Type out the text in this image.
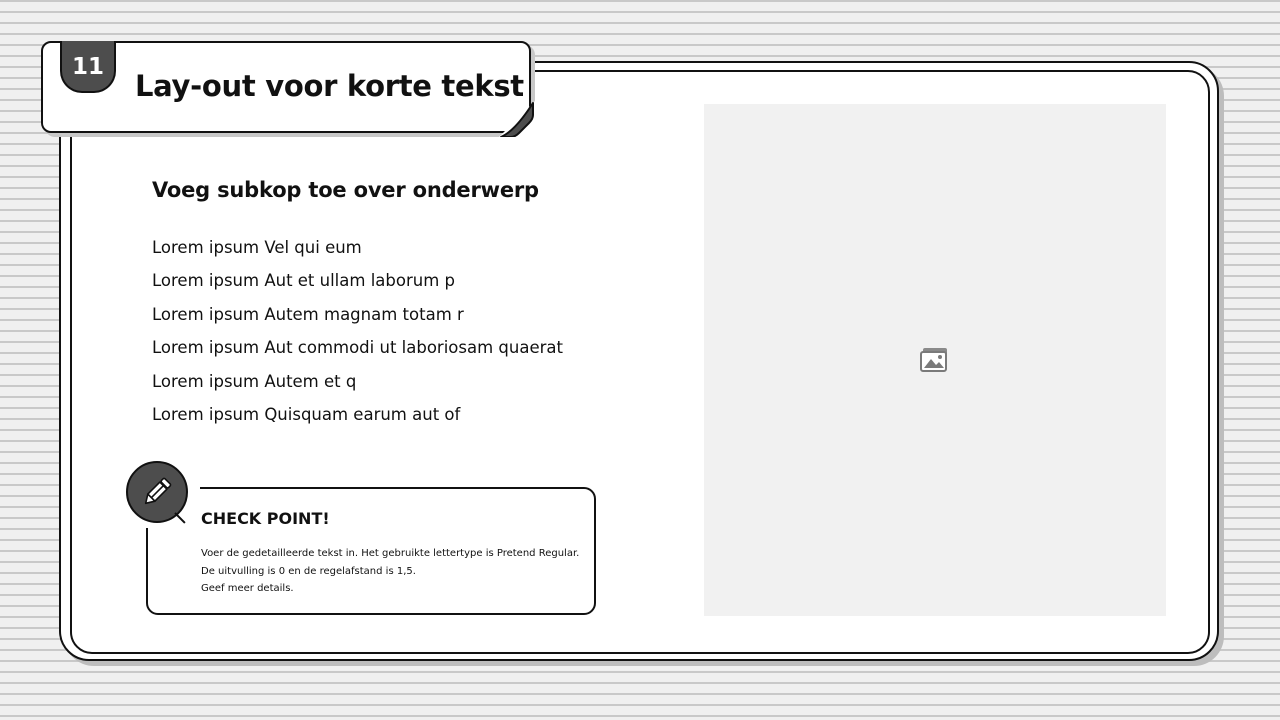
11
Lay-out voor korte tekst
Voeg subkop toe over onderwerp
Lorem ipsum Vel qui eum
Lorem ipsum Aut et ullam laborum p
Lorem ipsum Autem magnam totam r
Lorem ipsum Aut commodi ut laboriosam quaerat
Lorem ipsum Autem et q
Lorem ipsum Quisquam earum aut of
CHECK POINT!
Voer de gedetailleerde tekst in. Het gebruikte lettertype is Pretend Regular.
De uitvulling is 0 en de regelafstand is 1,5.
Geef meer details.
